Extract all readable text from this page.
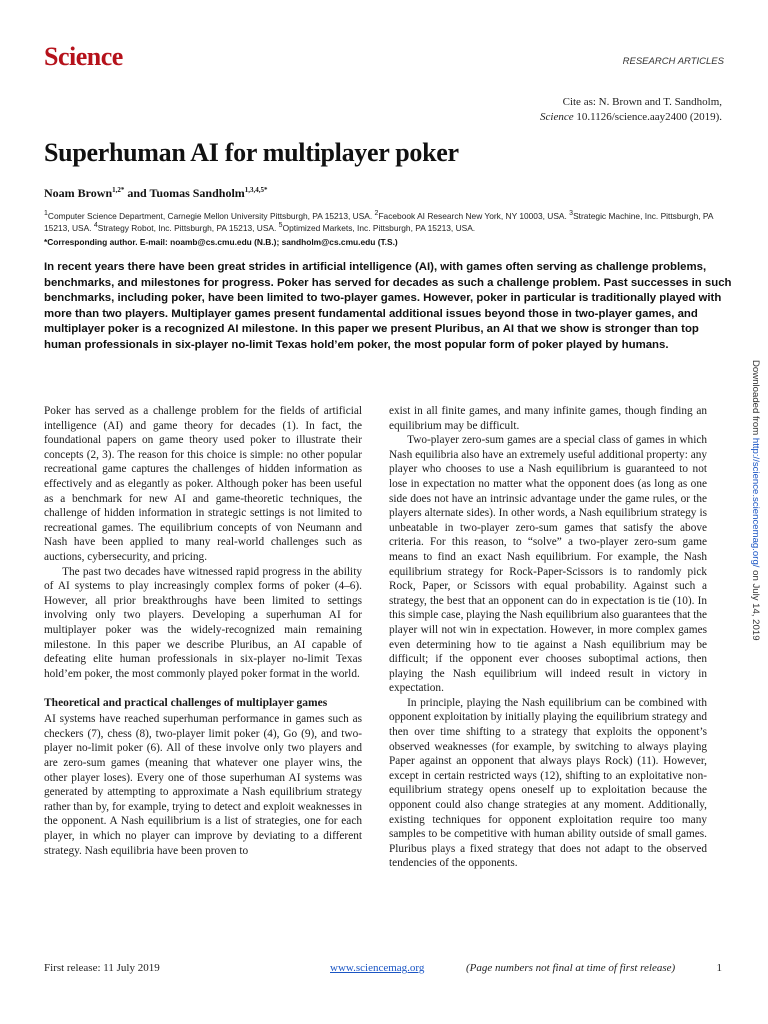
Science	RESEARCH ARTICLES
Cite as: N. Brown and T. Sandholm,
Science 10.1126/science.aay2400 (2019).
Superhuman AI for multiplayer poker
Noam Brown$^{1,2*}$ and Tuomas Sandholm$^{1,3,4,5*}$
$^1$Computer Science Department, Carnegie Mellon University Pittsburgh, PA 15213, USA. $^2$Facebook AI Research New York, NY 10003, USA. $^3$Strategic Machine, Inc. Pittsburgh, PA 15213, USA. $^4$Strategy Robot, Inc. Pittsburgh, PA 15213, USA. $^5$Optimized Markets, Inc. Pittsburgh, PA 15213, USA.
*Corresponding author. E-mail: noamb@cs.cmu.edu (N.B.); sandholm@cs.cmu.edu (T.S.)
In recent years there have been great strides in artificial intelligence (AI), with games often serving as challenge problems, benchmarks, and milestones for progress. Poker has served for decades as such a challenge problem. Past successes in such benchmarks, including poker, have been limited to two-player games. However, poker in particular is traditionally played with more than two players. Multiplayer games present fundamental additional issues beyond those in two-player games, and multiplayer poker is a recognized AI milestone. In this paper we present Pluribus, an AI that we show is stronger than top human professionals in six-player no-limit Texas hold’em poker, the most popular form of poker played by humans.
Downloaded from http://science.sciencemag.org/ on July 14, 2019

Poker has served as a challenge problem for the fields of artificial intelligence (AI) and game theory for decades (1). In fact, the foundational papers on game theory used poker to illustrate their concepts (2, 3). The reason for this choice is simple: no other popular recreational game captures the challenges of hidden information as effectively and as elegantly as poker. Although poker has been useful as a benchmark for new AI and game-theoretic techniques, the challenge of hidden information in strategic settings is not limited to recreational games. The equilibrium concepts of von Neumann and Nash have been applied to many real-world challenges such as auctions, cybersecurity, and pricing.

The past two decades have witnessed rapid progress in the ability of AI systems to play increasingly complex forms of poker (4–6). However, all prior breakthroughs have been limited to settings involving only two players. Developing a superhuman AI for multiplayer poker was the widely-recognized main remaining milestone. In this paper we describe Pluribus, an AI capable of defeating elite human professionals in six-player no-limit Texas hold’em poker, the most commonly played poker format in the world.

Theoretical and practical challenges of multiplayer games

AI systems have reached superhuman performance in games such as checkers (7), chess (8), two-player limit poker (4), Go (9), and two-player no-limit poker (6). All of these involve only two players and are zero-sum games (meaning that whatever one player wins, the other player loses). Every one of those superhuman AI systems was generated by attempting to approximate a Nash equilibrium strategy rather than by, for example, trying to detect and exploit weaknesses in the opponent. A Nash equilibrium is a list of strategies, one for each player, in which no player can improve by deviating to a different strategy. Nash equilibria have been proven to

exist in all finite games, and many infinite games, though finding an equilibrium may be difficult.

Two-player zero-sum games are a special class of games in which Nash equilibria also have an extremely useful additional property: any player who chooses to use a Nash equilibrium is guaranteed to not lose in expectation no matter what the opponent does (as long as one side does not have an intrinsic advantage under the game rules, or the players alternate sides). In other words, a Nash equilibrium strategy is unbeatable in two-player zero-sum games that satisfy the above criteria. For this reason, to “solve” a two-player zero-sum game means to find an exact Nash equilibrium. For example, the Nash equilibrium strategy for Rock-Paper-Scissors is to randomly pick Rock, Paper, or Scissors with equal probability. Against such a strategy, the best that an opponent can do in expectation is tie (10). In this simple case, playing the Nash equilibrium also guarantees that the player will not win in expectation. However, in more complex games even determining how to tie against a Nash equilibrium may be difficult; if the opponent ever chooses suboptimal actions, then playing the Nash equilibrium will indeed result in victory in expectation.

In principle, playing the Nash equilibrium can be combined with opponent exploitation by initially playing the equilibrium strategy and then over time shifting to a strategy that exploits the opponent’s observed weaknesses (for example, by switching to always playing Paper against an opponent that always plays Rock) (11). However, except in certain restricted ways (12), shifting to an exploitative non-equilibrium strategy opens oneself up to exploitation because the opponent could also change strategies at any moment. Additionally, existing techniques for opponent exploitation require too many samples to be competitive with human ability outside of small games. Pluribus plays a fixed strategy that does not adapt to the observed tendencies of the opponents.

First release: 11 July 2019	www.sciencemag.org	(Page numbers not final at time of first release)	1
